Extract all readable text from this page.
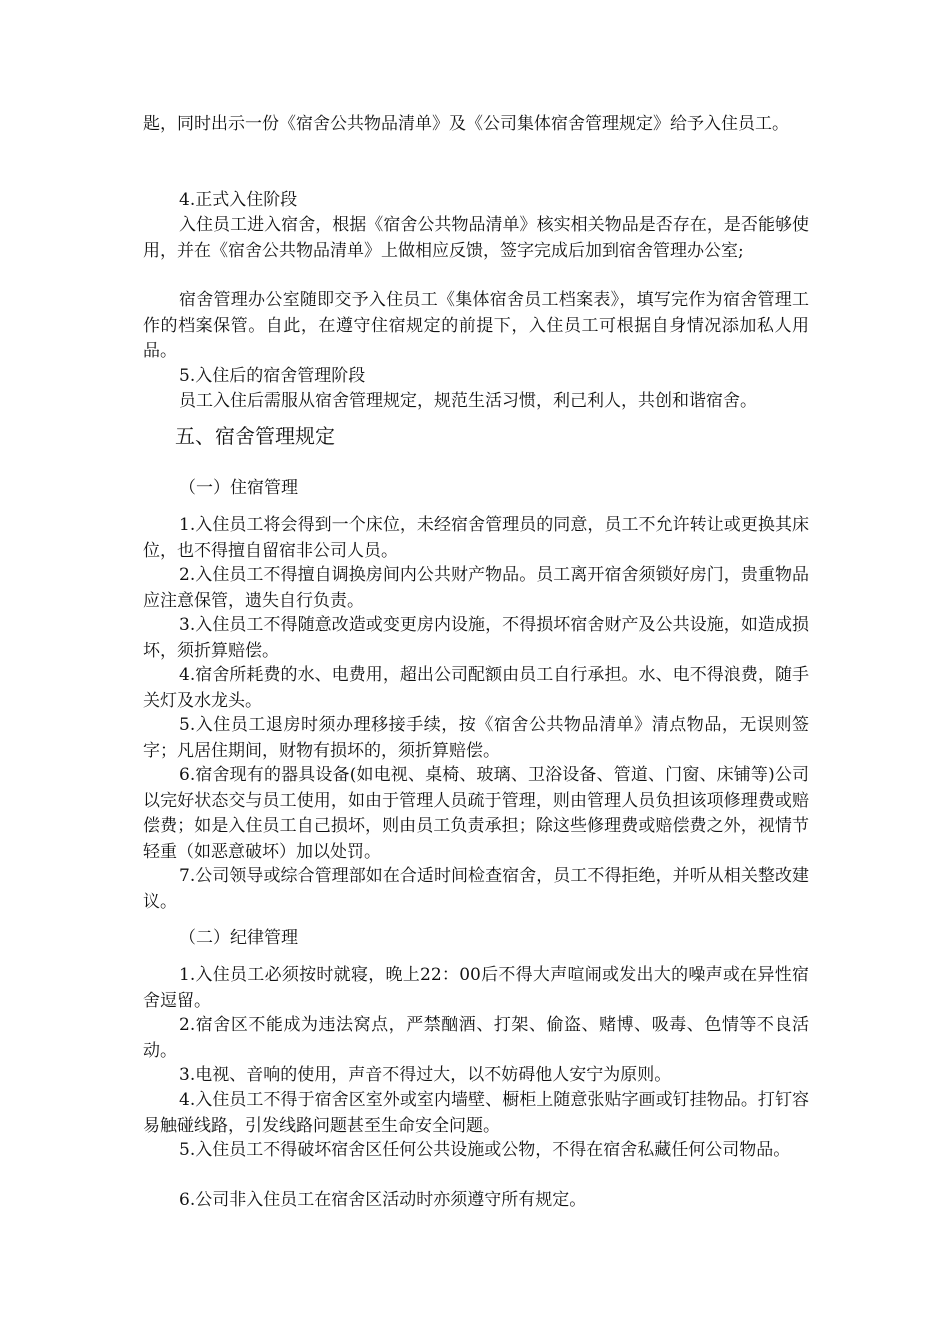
匙，同时出示一份《宿舍公共物品清单》及《公司集体宿舍管理规定》给予入住员工。

4.正式入住阶段

入住员工进入宿舍，根据《宿舍公共物品清单》核实相关物品是否存在，是否能够使用，并在《宿舍公共物品清单》上做相应反馈，签字完成后加到宿舍管理办公室;

宿舍管理办公室随即交予入住员工《集体宿舍员工档案表》，填写完作为宿舍管理工作的档案保管。自此，在遵守住宿规定的前提下，入住员工可根据自身情况添加私人用品。

5.入住后的宿舍管理阶段

员工入住后需服从宿舍管理规定，规范生活习惯，利己利人，共创和谐宿舍。

五、宿舍管理规定

（一）住宿管理

1.入住员工将会得到一个床位，未经宿舍管理员的同意，员工不允许转让或更换其床位，也不得擅自留宿非公司人员。

2.入住员工不得擅自调换房间内公共财产物品。员工离开宿舍须锁好房门，贵重物品应注意保管，遗失自行负责。

3.入住员工不得随意改造或变更房内设施，不得损坏宿舍财产及公共设施，如造成损坏，须折算赔偿。

4.宿舍所耗费的水、电费用，超出公司配额由员工自行承担。水、电不得浪费，随手关灯及水龙头。

5.入住员工退房时须办理移接手续，按《宿舍公共物品清单》清点物品，无误则签字；凡居住期间，财物有损坏的，须折算赔偿。

6.宿舍现有的器具设备(如电视、桌椅、玻璃、卫浴设备、管道、门窗、床铺等)公司以完好状态交与员工使用，如由于管理人员疏于管理，则由管理人员负担该项修理费或赔偿费；如是入住员工自己损坏，则由员工负责承担；除这些修理费或赔偿费之外，视情节轻重（如恶意破坏）加以处罚。

7.公司领导或综合管理部如在合适时间检查宿舍，员工不得拒绝，并听从相关整改建议。

（二）纪律管理

1.入住员工必须按时就寝，晚上22：00后不得大声喧闹或发出大的噪声或在异性宿舍逗留。

2.宿舍区不能成为违法窝点，严禁酗酒、打架、偷盗、赌博、吸毒、色情等不良活动。

3.电视、音响的使用，声音不得过大，以不妨碍他人安宁为原则。

4.入住员工不得于宿舍区室外或室内墙壁、橱柜上随意张贴字画或钉挂物品。打钉容易触碰线路，引发线路问题甚至生命安全问题。

5.入住员工不得破坏宿舍区任何公共设施或公物，不得在宿舍私藏任何公司物品。

6.公司非入住员工在宿舍区活动时亦须遵守所有规定。
